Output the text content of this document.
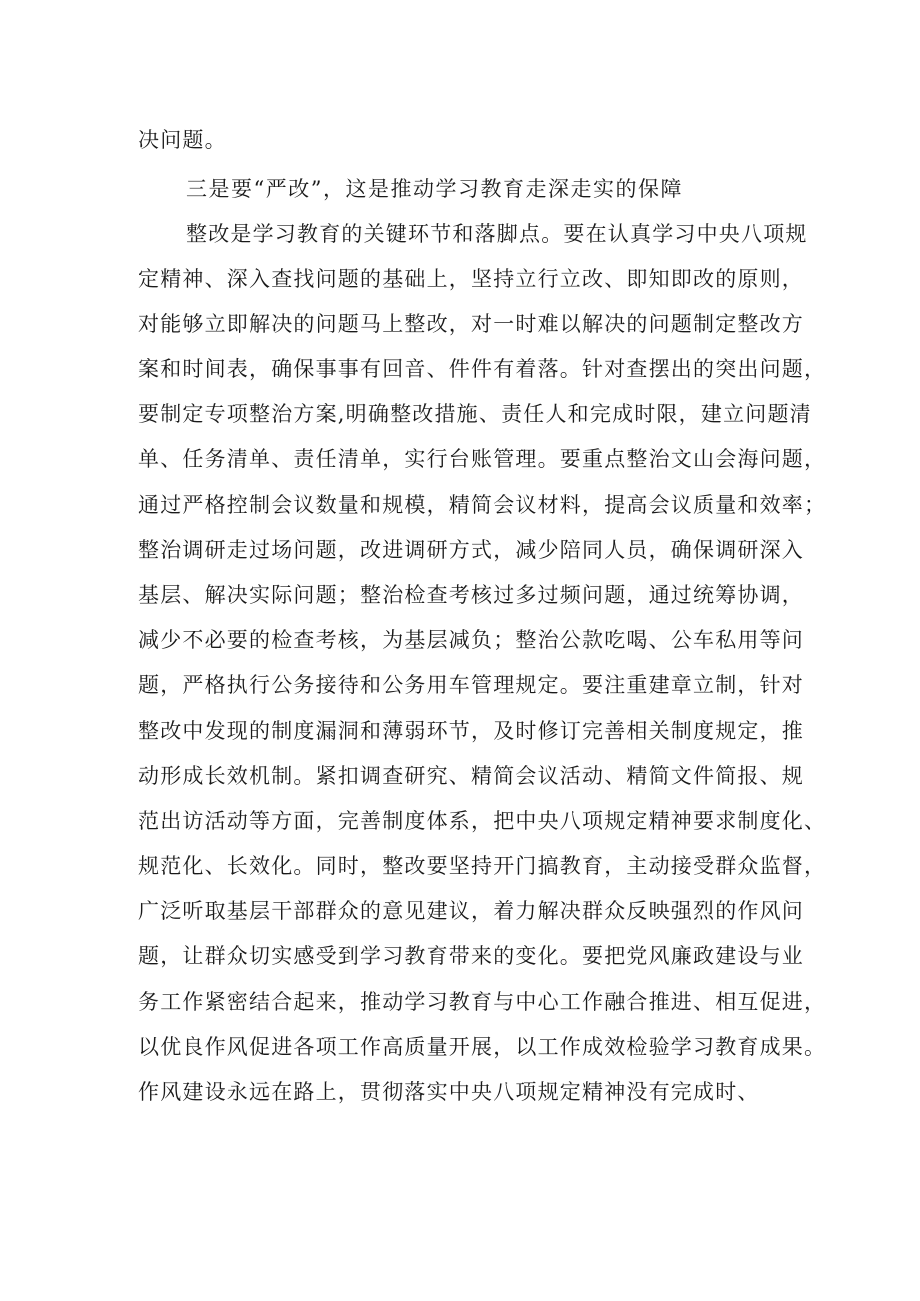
决问题。
三是要“严改”，这是推动学习教育走深走实的保障
整改是学习教育的关键环节和落脚点。要在认真学习中央八项规
定精神、深入查找问题的基础上，坚持立行立改、即知即改的原则，
对能够立即解决的问题马上整改，对一时难以解决的问题制定整改方
案和时间表，确保事事有回音、件件有着落。针对查摆出的突出问题，
要制定专项整治方案,明确整改措施、责任人和完成时限，建立问题清
单、任务清单、责任清单，实行台账管理。要重点整治文山会海问题，
通过严格控制会议数量和规模，精简会议材料，提高会议质量和效率；
整治调研走过场问题，改进调研方式，减少陪同人员，确保调研深入
基层、解决实际问题；整治检查考核过多过频问题，通过统筹协调，
减少不必要的检查考核，为基层减负；整治公款吃喝、公车私用等问
题，严格执行公务接待和公务用车管理规定。要注重建章立制，针对
整改中发现的制度漏洞和薄弱环节，及时修订完善相关制度规定，推
动形成长效机制。紧扣调查研究、精简会议活动、精简文件简报、规
范出访活动等方面，完善制度体系，把中央八项规定精神要求制度化、
规范化、长效化。同时，整改要坚持开门搞教育，主动接受群众监督，
广泛听取基层干部群众的意见建议，着力解决群众反映强烈的作风问
题，让群众切实感受到学习教育带来的变化。要把党风廉政建设与业
务工作紧密结合起来，推动学习教育与中心工作融合推进、相互促进，
以优良作风促进各项工作高质量开展，以工作成效检验学习教育成果。
作风建设永远在路上，贯彻落实中央八项规定精神没有完成时、
